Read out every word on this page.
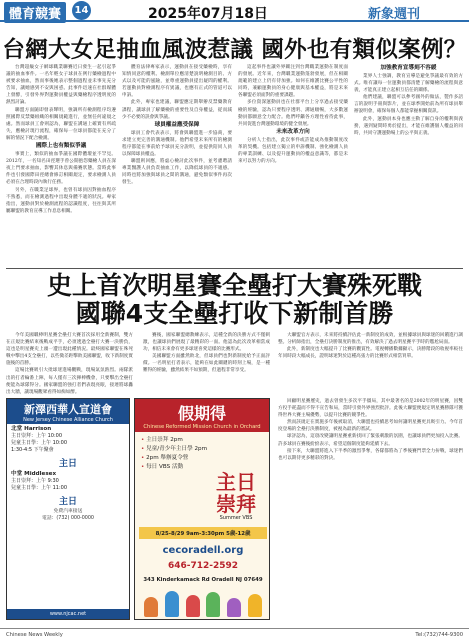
體育競賽	14	2025年07月18日	新象週刊
台網大女足抽血風波惹議 國外也有類似案例？

台灣超級女子網球職業聯賽近日發生一起引起爭議的抽血事件。一名年輕女子球員在例行藥檢過程中被要求抽血，然而事後她表示整個過程並未事先充分告知，讓她感到不安與困惑。此事件迅速在社群媒體上發酵，引發外界對運動員權益與藥檢程序透明度的熱烈討論。

聯盟方面隨即發表聲明，強調所有檢測程序均遵照國際反禁藥組織的相關規範進行，並無任何違規之處。然而球員工會則認為，聯盟在溝通上確實有所疏失，應檢討現行流程，確保每一位球員都能在充分了解的情況下配合檢測。

國際上也有類似爭議

事實上，類似的抽血爭議在國際體壇並不罕見。2012年，一名知名田徑選手曾公開抱怨藥檢人員在深夜上門要求抽血，影響其休息與備賽狀態。當時此事件也引發國際田徑總會修訂相關規定，要求檢測人員必須在合理時段內執行任務。

另外，在職業足球界，也曾有球員因對抽血程序不熟悉，而在檢測過程中出現身體不適的狀況。專家指出，運動員對於檢測流程的認識程度，往往與其所屬聯盟的教育宣導工作息息相關。

體育法律專家表示，運動員在接受藥檢時，享有知情同意的權利。檢測單位應清楚說明檢測目的、方式以及可能的風險，並尊重運動員提出疑問的權利。若運動員對檢測程序有異議，也應有正式的管道可以申訴。

此外，專家也建議，聯盟應定期舉辦反禁藥教育課程，讓球員了解藥檢的重要性及自身權益，從而減少不必要的誤會與爭議。

球員權益應受保障

球員工會代表表示，將會與聯盟進一步協商，要求建立更完善的溝通機制。他們希望未來所有的檢測程序都能在事前給予球員充分說明，並提供陪同人員以保障球員權益。

聯盟則回應，將虛心檢討此次事件，並考慮聘請專業醫護人員負責抽血工作，以降低球員的不適感。同時也將加強與球員之間的溝通，避免類似事件再次發生。

這起事件也讓外界關注到台灣職業運動在制度面的發展。近年來，台灣職業運動蓬勃發展，但在相關規範的建立上仍有待加強。如何在維護比賽公平性的同時，兼顧運動員的身心健康與基本權益，將是未來各聯盟必須面對的重要課題。

多位資深運動員也在社群平台上分享過去接受藥檢的經驗，認為只要程序透明、溝通順暢，大多數運動員都願意全力配合。他們呼籲各方理性看待此事，共同促進台灣運動環境的健全發展。

未來改革方向

分析人士指出，此次事件或許能成為推動制度改革的契機。包括建立獨立的申訴機制、強化檢測人員的專業訓練、以及提升運動員的權益意識等，都是未來可以努力的方向。

加強教育宣導刻不容緩

業界人士強調，教育宣導是避免爭議最有效的方式。唯有讓每一位運動員都清楚了解藥檢的流程與意義，才能真正建立起相互信任的關係。

他們建議，聯盟可以參考國外的做法，製作多語言的說明手冊與影片，並在球季開始前為所有球員舉辦說明會，確保每個人都能掌握相關資訊。

此外，運動員本身也應主動了解自身的權利與義務，遇到疑問時勇於提出，才能在維護個人權益的同時，共同守護運動場上的公平與正義。

史上首次明星賽全壘打大賽殊死戰
國聯4支全壘打收下新制首勝

今年美國職棒明星賽全壘打大賽首次採用全新賽制，雙方在正規比賽結束後戰成平手，必須透過全壘打大賽一決勝負，這也是明星賽史上頭一遭出現此種情況。最終國家聯盟在殊死戰中擊出4支全壘打，以些微差距擊敗美國聯盟，收下新制度實施後的首勝。

這場比賽吸引大批球迷進場觀戰，現場氣氛熱烈。兩隊派出的打者輪番上陣，每人僅有三次揮棒機會，只要擊出全壘打便能為球隊得分。國家聯盟的強打者們表現亮眼，接連將球轟出大牆，讓現場觀眾看得如痴如醉。

賽後，國家聯盟總教練表示，這種全新的決勝方式不僅刺激，也讓球員們展現了最精彩的一面。他認為此次改革相當成功，相信未來會有更多球迷喜愛這樣的比賽形式。

美國聯盟方面雖然敗北，但球員們也對新制度給予正面評價。一名明星打者表示，能夠在如此關鍵的時刻上場，是一種難得的經驗，雖然結果不如預期，但過程非常享受。

大聯盟官方表示，未來將持續評估此一新制度的成效，並根據球員與球迷的回饋進行調整。分析師指出，全壘打決勝制度的推出，有效解決了過去明星賽平手時的尷尬局面。

此外，新制度也大幅提升了比賽的觀賞性。電視轉播數據顯示，決勝階段的收視率較往年同時段大幅成長，證明球迷對於這種高張力的比賽形式相當買單。

回顧明星賽歷史，過去曾發生多次平手僵局，其中最著名的是2002年的明星賽，因雙方投手耗盡而不得不宣告和局，當時引發外界強烈批評。此後大聯盟便規定明星賽勝隊可獲得世界大賽主場優勢，以提升比賽的競爭性。

然而該規定在實施多年後被取消，大聯盟也持續思考如何讓明星賽更具吸引力。今年首度登場的全壘打決勝制度，被視為最新的嘗試。

球評認為，這項改變讓明星賽重新找回了緊張刺激的氛圍，也讓球員們更加投入比賽。許多球員在賽後紛紛表示，希望這個制度能夠延續下去。

接下來，大聯盟將進入下半季的激烈爭奪，各隊都將為了季後賽門票全力拚戰，球迷們也可以期待更多精彩的對決。

新澤西華人宣道會
New Jersey Chinese Alliance Church
北堂 Harrison
主日崇拜：上午 10:00
兒童主日學：上午 10:00
1:30-4:5 下午聚會
主日
中堂 Middlesex
主日崇拜：上午 9:30
兒童主日學：上午 11:00
主日
免費汽車接送
電話：(732) 000-0000
www.njcac.net
假期得
Chinese Reformed Mission Church in Orchard
• 主日崇拜 2pm
• 兒童/青少年主日學 2pm
• 2pm 舉辦夏令營
• 每日 VBS 活動
主日
崇拜
Summer VBS
8/25-8/29 9am-3:30pm 5歲-12歲
cecoradell.org
646-712-2592
343 Kinderkamack Rd Oradell NJ 07649
Chinese News Weekly	Tel:(732)744-9300
